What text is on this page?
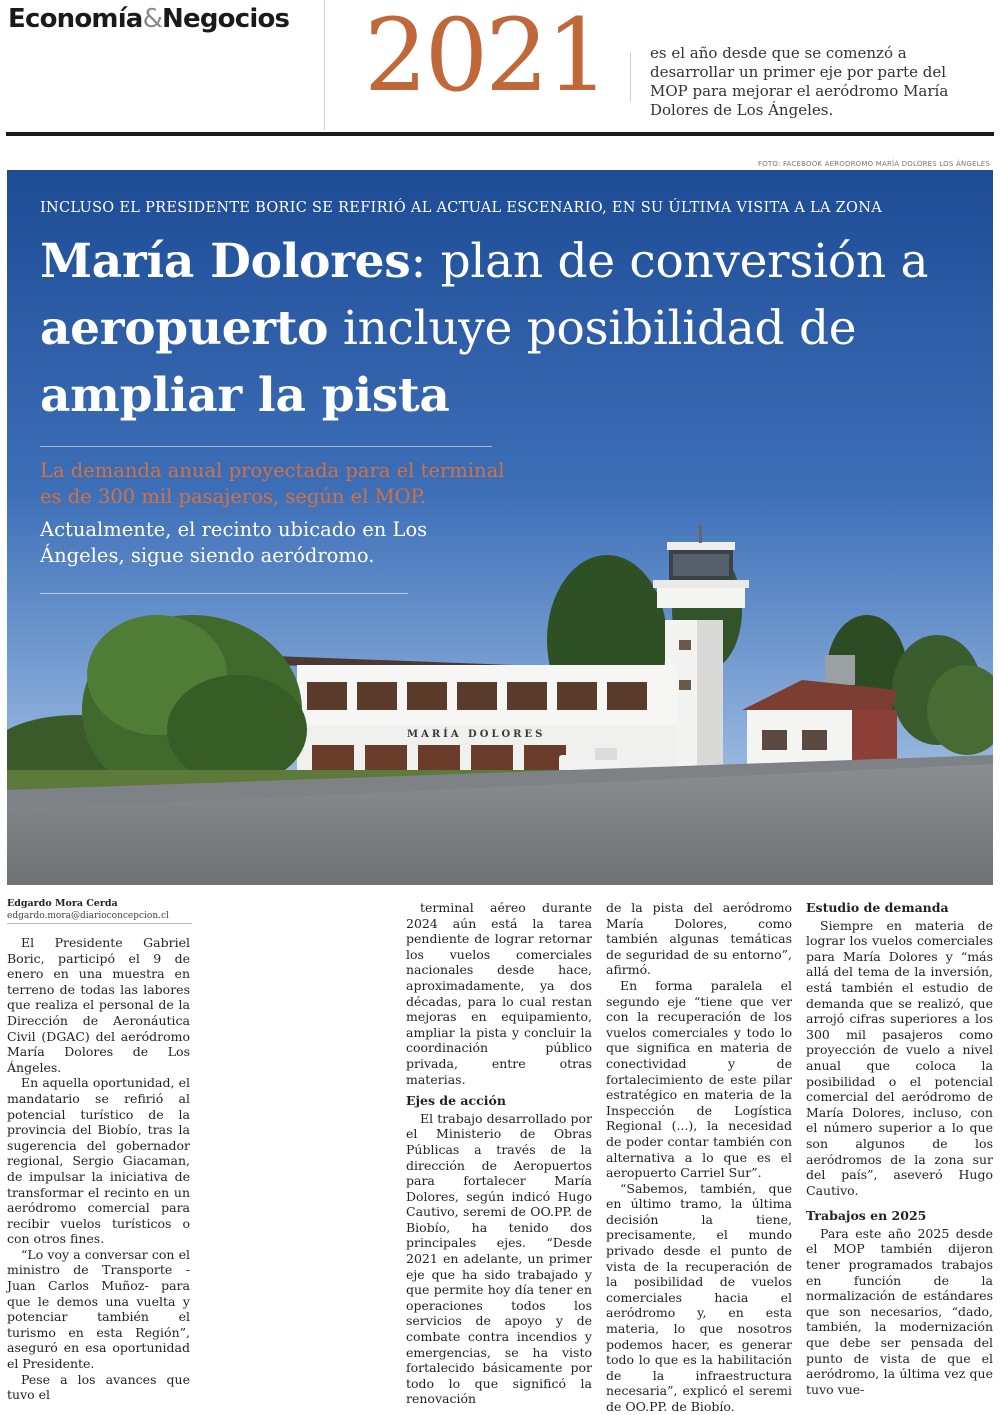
Economía&Negocios 2021	es el año desde que se comenzó a desarrollar un primer eje por parte del MOP para mejorar el aeródromo María Dolores de Los Ángeles.
FOTO: FACEBOOK AERODROMO MARÍA DOLORES LOS ÁNGELES
MARÍA DOLORES
INCLUSO EL PRESIDENTE BORIC SE REFIRIÓ AL ACTUAL ESCENARIO, EN SU ÚLTIMA VISITA A LA ZONA
María Dolores: plan de conversión a aeropuerto incluye posibilidad de ampliar la pista
La demanda anual proyectada para el terminal es de 300 mil pasajeros, según el MOP.
Actualmente, el recinto ubicado en Los Ángeles, sigue siendo aeródromo.
Edgardo Mora Cerda
edgardo.mora@diarioconcepcion.cl

El Presidente Gabriel Boric, participó el 9 de enero en una muestra en terreno de todas las labores que realiza el personal de la Dirección de Aeronáutica Civil (DGAC) del aeródromo María Dolores de Los Ángeles.

En aquella oportunidad, el mandatario se refirió al potencial turístico de la provincia del Biobío, tras la sugerencia del gobernador regional, Sergio Giacaman, de impulsar la iniciativa de transformar el recinto en un aeródromo comercial para recibir vuelos turísticos o con otros fines.

“Lo voy a conversar con el ministro de Transporte -Juan Carlos Muñoz- para que le demos una vuelta y potenciar también el turismo en esta Región”, aseguró en esa oportunidad el Presidente.

Pese a los avances que tuvo el

terminal aéreo durante 2024 aún está la tarea pendiente de lograr retornar los vuelos comerciales nacionales desde hace, aproximadamente, ya dos décadas, para lo cual restan mejoras en equipamiento, ampliar la pista y concluir la coordinación público privada, entre otras materias.

Ejes de acción

El trabajo desarrollado por el Ministerio de Obras Públicas a través de la dirección de Aeropuertos para fortalecer María Dolores, según indicó Hugo Cautivo, seremi de OO.PP. de Biobío, ha tenido dos principales ejes. “Desde 2021 en adelante, un primer eje que ha sido trabajado y que permite hoy día tener en operaciones todos los servicios de apoyo y de combate contra incendios y emergencias, se ha visto fortalecido básicamente por todo lo que significó la renovación

de la pista del aeródromo María Dolores, como también algunas temáticas de seguridad de su entorno”, afirmó.

En forma paralela el segundo eje “tiene que ver con la recuperación de los vuelos comerciales y todo lo que significa en materia de conectividad y de fortalecimiento de este pilar estratégico en materia de la Inspección de Logística Regional (...), la necesidad de poder contar también con alternativa a lo que es el aeropuerto Carriel Sur”.

“Sabemos, también, que en último tramo, la última decisión la tiene, precisamente, el mundo privado desde el punto de vista de la recuperación de la posibilidad de vuelos comerciales hacia el aeródromo y, en esta materia, lo que nosotros podemos hacer, es generar todo lo que es la habilitación de la infraestructura necesaria”, explicó el seremi de OO.PP. de Biobío.

Estudio de demanda

Siempre en materia de lograr los vuelos comerciales para María Dolores y “más allá del tema de la inversión, está también el estudio de demanda que se realizó, que arrojó cifras superiores a los 300 mil pasajeros como proyección de vuelo a nivel anual que coloca la posibilidad o el potencial comercial del aeródromo de María Dolores, incluso, con el número superior a lo que son algunos de los aeródromos de la zona sur del país”, aseveró Hugo Cautivo.

Trabajos en 2025

Para este año 2025 desde el MOP también dijeron tener programados trabajos en función de la normalización de estándares que son necesarios, “dado, también, la modernización que debe ser pensada del punto de vista de que el aeródromo, la última vez que tuvo vue-
